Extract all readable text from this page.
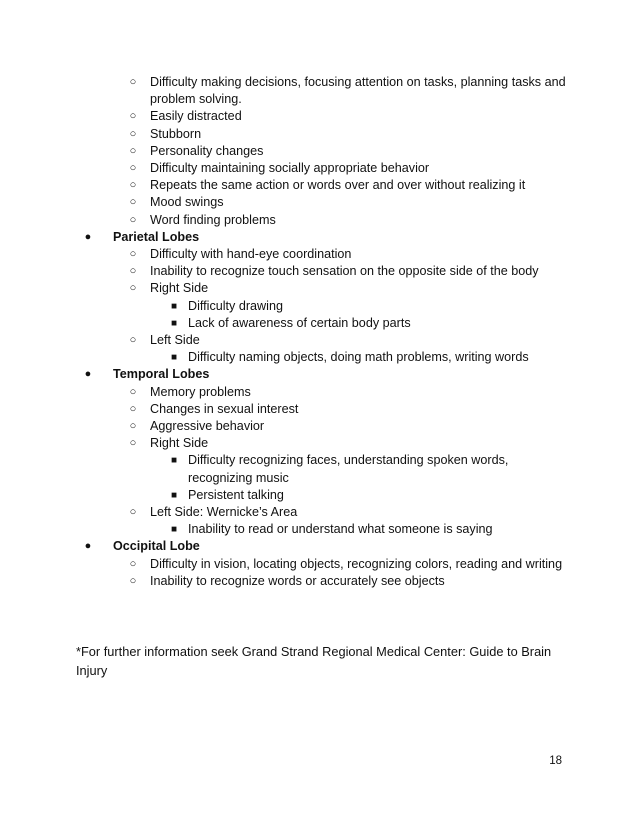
○	Difficulty making decisions, focusing attention on tasks, planning tasks and problem solving.
○	Easily distracted
○	Stubborn
○	Personality changes
○	Difficulty maintaining socially appropriate behavior
○	Repeats the same action or words over and over without realizing it
○	Mood swings
○	Word finding problems
●	Parietal Lobes
○	Difficulty with hand-eye coordination
○	Inability to recognize touch sensation on the opposite side of the body
○	Right Side
■ Difficulty drawing
■ Lack of awareness of certain body parts
○	Left Side
■ Difficulty naming objects, doing math problems, writing words
●	Temporal Lobes
○	Memory problems
○	Changes in sexual interest
○	Aggressive behavior
○	Right Side
■ Difficulty recognizing faces, understanding spoken words, recognizing music
■ Persistent talking
○	Left Side: Wernicke’s Area
■ Inability to read or understand what someone is saying
●	Occipital Lobe
○	Difficulty in vision, locating objects, recognizing colors, reading and writing
○	Inability to recognize words or accurately see objects
*For further information seek Grand Strand Regional Medical Center: Guide to Brain Injury
18
